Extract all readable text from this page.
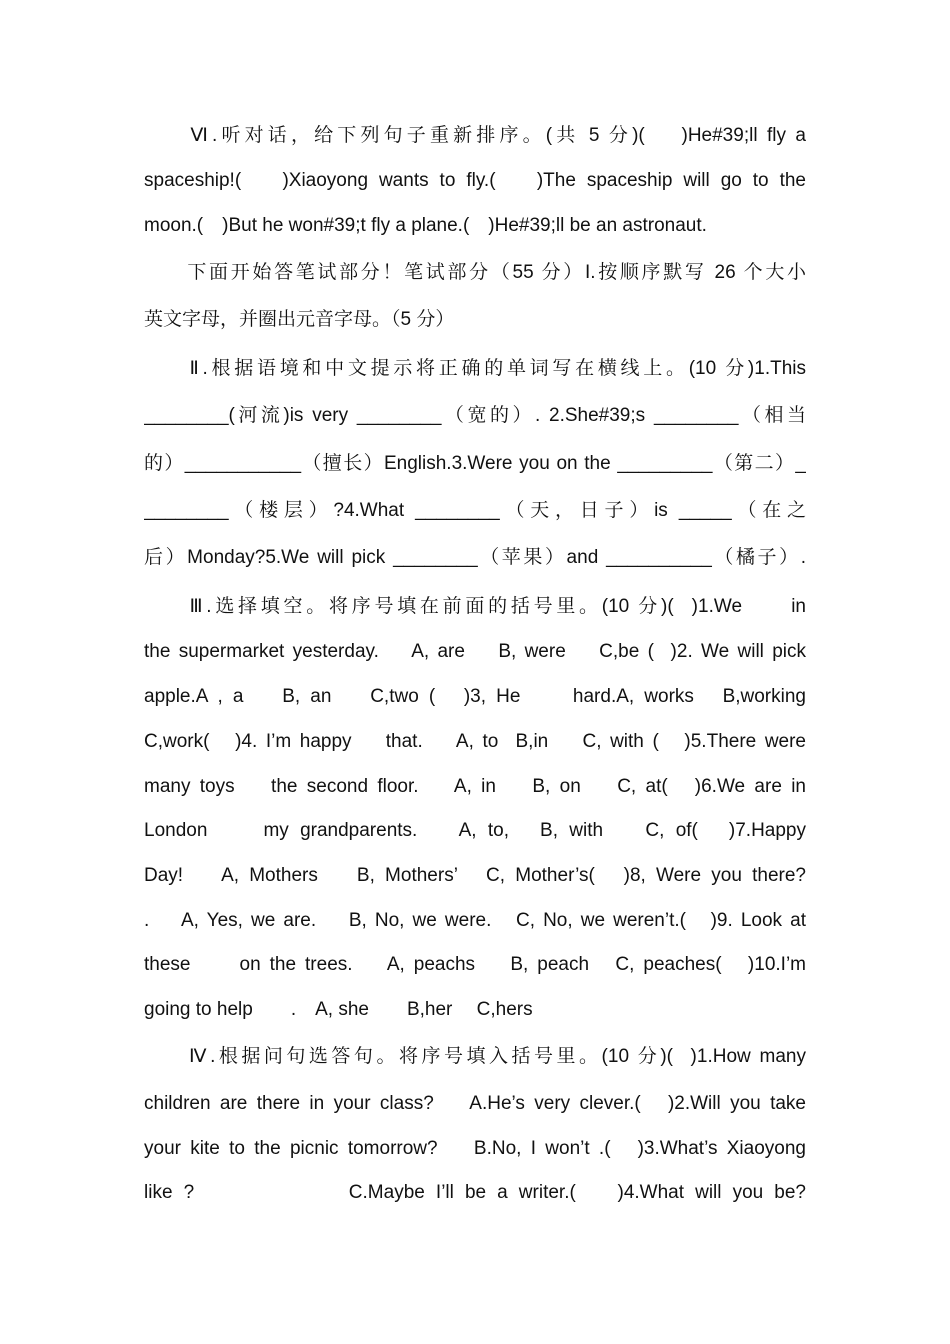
　　Ⅵ.听对话，给下列句子重新排序。(共 5 分)(　 )He#39;ll fly a
spaceship!(　 )Xiaoyong wants to fly.(　 )The spaceship will go to the
moon.(　)But he won#39;t fly a plane.(　)He#39;ll be an astronaut.
　　下面开始答笔试部分！笔试部分（55 分）I.按顺序默写 26 个大小
英文字母，并圈出元音字母。（5 分）
　　Ⅱ.根据语境和中文提示将正确的单词写在横线上。(10 分)1.This
________(河流)is very ________（宽的）. 2.She#39;s ________（相当
的）___________（擅长）English.3.Were you on the _________（第二）_
________（楼层）?4.What ________（天，日子）is _____（在之
后）Monday?5.We will pick ________（苹果）and __________（橘子）.
　　Ⅲ.选择填空。将序号填在前面的括号里。(10 分)(  )1.We　　in
the supermarket yesterday.　 A, are　 B, were　 C,be (  )2. We will pick
apple.A , a　 B, an　 C,two (　)3, He　　hard.A, works　B,working
C,work(　)4. I’m happy　 that.　 A, to  B,in　 C, with (　)5.There were
many toys　 the second floor.　 A, in　 B, on　 C, at(　)6.We are in
London　　my grandparents.　 A, to,　B, with　 C, of(　)7.Happy
Day!　 A, Mothers　 B, Mothers’　C, Mother’s(　)8, Were you there?
.　 A, Yes, we are.　 B, No, we were.　C, No, we weren’t.(　)9. Look at
these　　on the trees.　 A, peachs　 B, peach　C, peaches(　)10.I’m
going to help　　.　A, she　　B,her　 C,hers
　　Ⅳ.根据问句选答句。将序号填入括号里。(10 分)(  )1.How many
children are there in your class?　 A.He’s very clever.(　)2.Will you take
your kite to the picnic tomorrow?　 B.No, I won’t .(　)3.What’s Xiaoyong
like ?　　　　　　C.Maybe I’ll be a writer.(　 )4.What will you be?
